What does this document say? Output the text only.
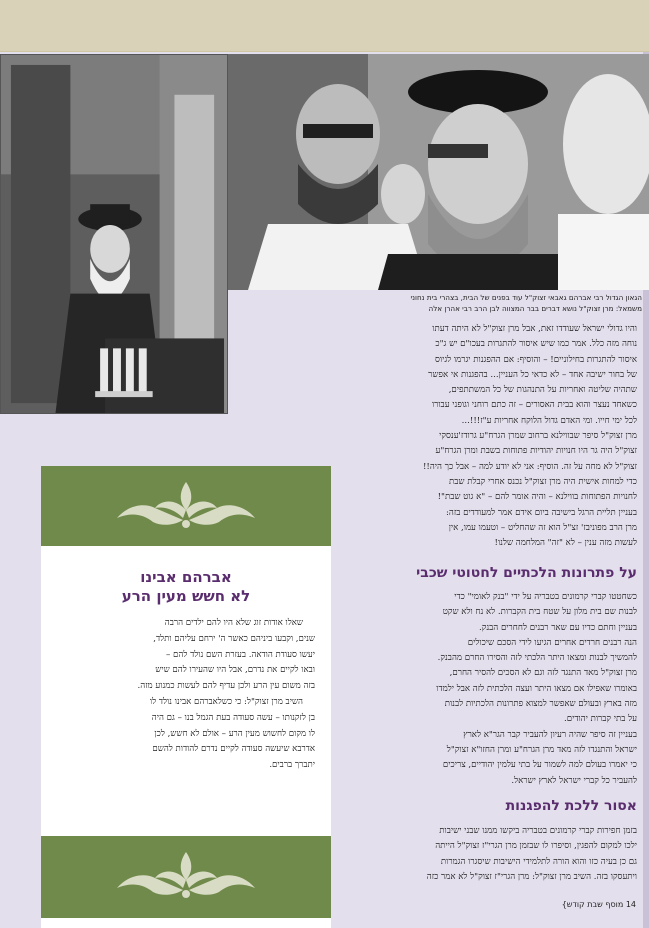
הגאון הגדול רבי אברהם גאבאי זצוק"ל עוד בפנים של הבית, בצהרי בית נחוני
משמאל: מרן זצוק"ל נושא דברים בבר המצווה לבן הרב רבי אהרן אלה

והיו גדולי ישראל שעודדו זאת, אבל מרן זצוק"ל לא היתה דעתו

נוחה מזה כלל. אמר כמו שיש איסור להתגרות בעכו"ם יש ג"כ

איסור להתגרות בחילוניים! – והוסיף: אם ההפגנות יגרמו לגיוס

של בחור ישיבה אחד – לא כדאי כל העניין... בהפגנות אי אפשר

שתהיה שליטה ואחריות על התנהגות של כל המשתתפים,

כשאחד נעצר והוא בבית האסורים – זה כתם רוחני וגופני עבורו

לכל ימי חייו. ומי האדם גדול הלוקח אחריות ע"ז!!!...

מרן זצוק"ל סיפר שבווילנא ברחוב שמרן הגרח"ע גרודז'ענסקי

זצוק"ל היה גר היו חנויות יהודיות פתוחות בשבת ומרן הגרח"ע

זצוק"ל לא מחה על זה. הוסיף: אני לא יודע למה – אבל כך היה!!

כדי למחות אישית היה מרן זצוק"ל נכנס אחרי קבלת שבת

לחנויות הפתוחות בווילנא – והיה אומר להם – "א גוט שבת"!

בעניין תליית הרגל בישיבה ביום אידם אמר למעודדים בזה:

מרן הרב מפוניבז' זצ"ל הוא זה שהחליט – וטעמו עמו, אין

לעשות מזה ענין – לא "זה" המלחמה שלנו!

על פתרונות הלכתיים לחטוטי שכבי

כשחטטו קברי קרמונים בטבריה על ידי "בנק לאומי" כדי

לבנות שם בית מלון על שטח בית הקברות. לא נח ולא שקט

בעניין וחתם כדיו עם שאר רבנים לחחרים הבנק.

הנה רבנים חרדים אחרים הגיעו לידי הסכם שיכולים

להמשיך לבנות ומצאו היתר הלכתי לזה והסירו החרם מהבנק.

מרן זצוק"ל מאד התנגד לזה וגם לא הסכים להסיר החרם,

באומרו שאפילו אם מצאו היתר ועצה הלכתית לזה אבל ילמדו

מזה בארץ ובעולם שאפשר למצוא פתרונות הלכתיות לבנות

על בתי קברות יהודים.

בעניין זה סיפר שהיה רעיון להעביר קבר הגר"א לארץ

ישראל והתנגדו לזה מאד מרן הגרח"ע ומרן החזו"א זצוק"ל

כי יאמרו בעולם למה לשמור על בתי עלמין יהודיים, צריכים

להעביר כל קברי ישראל לארץ ישראל.

אסור ללכת להפגנות

בזמן חפירות קברי קרמונים בטבריה ביקשו ממנו שבני ישיבות

ילכו למקום להפגין, וסיפרו לו שבזמן מרן הגרי"ז זצוק"ל הייתה

גם כן בעיה כזו והוא הורה לתלמידי הישיבות שיסגרו הגמרות

ויתעסקו בזה. השיב מרן זצוק"ל: מרן הגרי"ז זצוק"ל לא אמר כזה

אברהם אבינו
לא חשש מעין הרע

שאלו אודות זוג שלא היו להם ילדים הרבה

שנים, וקבעו ביניהם כאשר ה' ירחם עליהם ותלד,
יעשו סעודת הודאה. בעזרת השם נולד להם –
ובאו לקיים את נדרם, אבל היו שהעירו להם שיש
בזה משום עין הרע ולכן עדיף להם לעשות כמנוע מזה.

השיב מרן זצוק"ל: כי כשלאברהם אבינו נולד לו

בן לזקנותו – עשה סעודה בעת הגמל בנו – גם היה
לו מקום לחשוש מעין הרע – אולם לא חשש, לכן
אדרבא שיעשה סעודה לקיים נדרם להודות להשם
יתברך ברבים.
14 מוסף שבת קודש}
